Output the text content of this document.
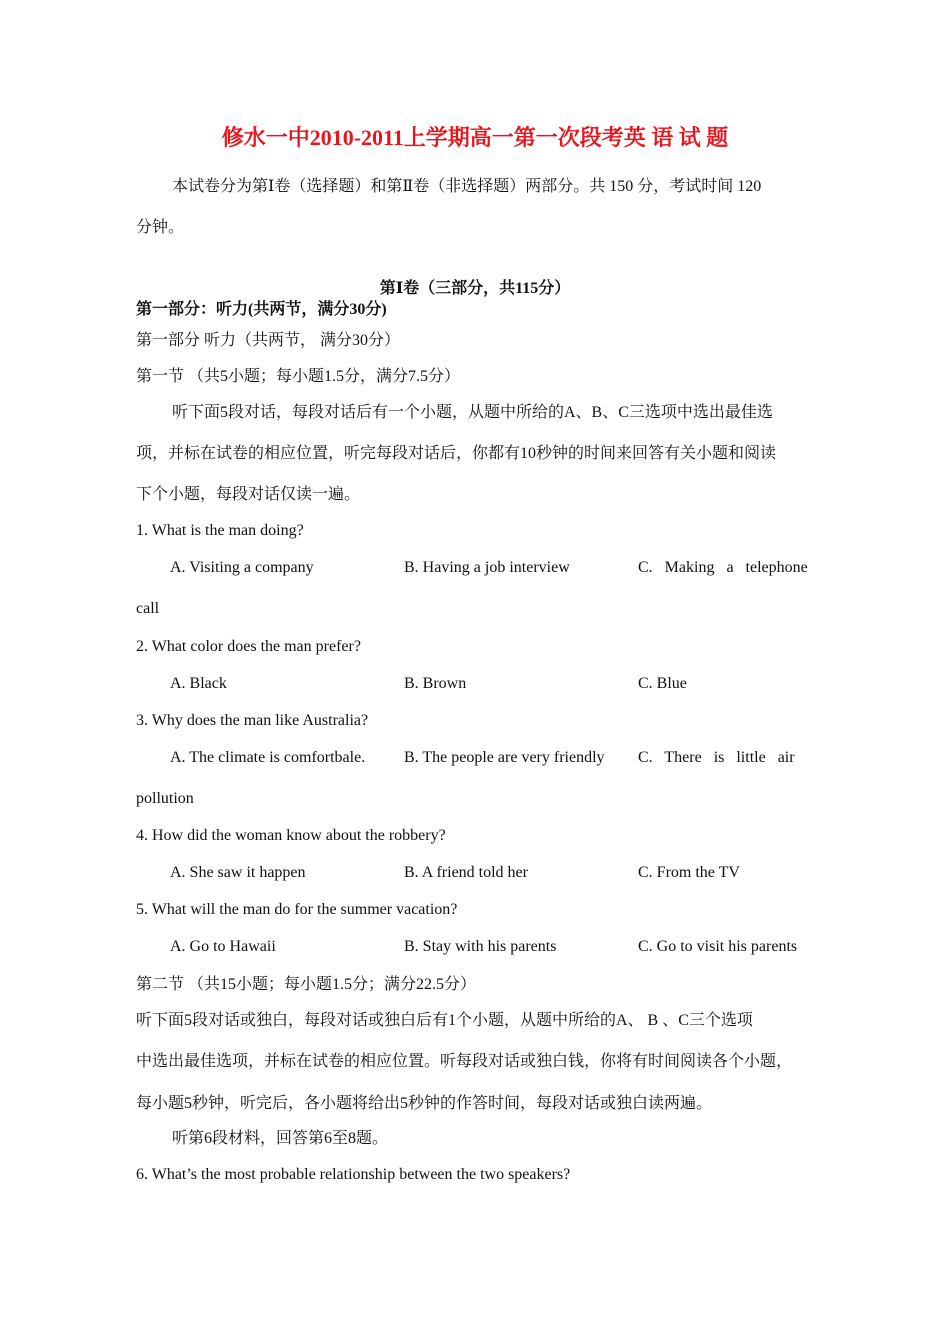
修水一中2010-2011上学期高一第一次段考英 语 试 题
本试卷分为第Ⅰ卷（选择题）和第Ⅱ卷（非选择题）两部分。共 150 分，考试时间 120
分钟。
第Ⅰ卷（三部分，共115分）
第一部分：听力(共两节，满分30分)
第一部分 听力（共两节， 满分30分）
第一节 （共5小题；每小题1.5分，满分7.5分）
听下面5段对话，每段对话后有一个小题，从题中所给的A、B、C三选项中选出最佳选
项，并标在试卷的相应位置，听完每段对话后，你都有10秒钟的时间来回答有关小题和阅读
下个小题，每段对话仅读一遍。
1. What is the man doing?
A. Visiting a company	B. Having a job interview	C.   Making   a   telephone
call
2. What color does the man prefer?
A. Black	B. Brown	C. Blue
3. Why does the man like Australia?
A. The climate is comfortbale. B. The people are very friendly C.   There   is   little   air
pollution
4. How did the woman know about the robbery?
A. She saw it happen	B. A friend told her	C. From the TV
5. What will the man do for the summer vacation?
A. Go to Hawaii	B. Stay with his parents	C. Go to visit his parents
第二节 （共15小题；每小题1.5分；满分22.5分）
听下面5段对话或独白，每段对话或独白后有1个小题，从题中所给的A、 B 、C三个选项
中选出最佳选项，并标在试卷的相应位置。听每段对话或独白钱，你将有时间阅读各个小题，
每小题5秒钟，听完后，各小题将给出5秒钟的作答时间，每段对话或独白读两遍。
听第6段材料，回答第6至8题。
6. What’s the most probable relationship between the two speakers?
